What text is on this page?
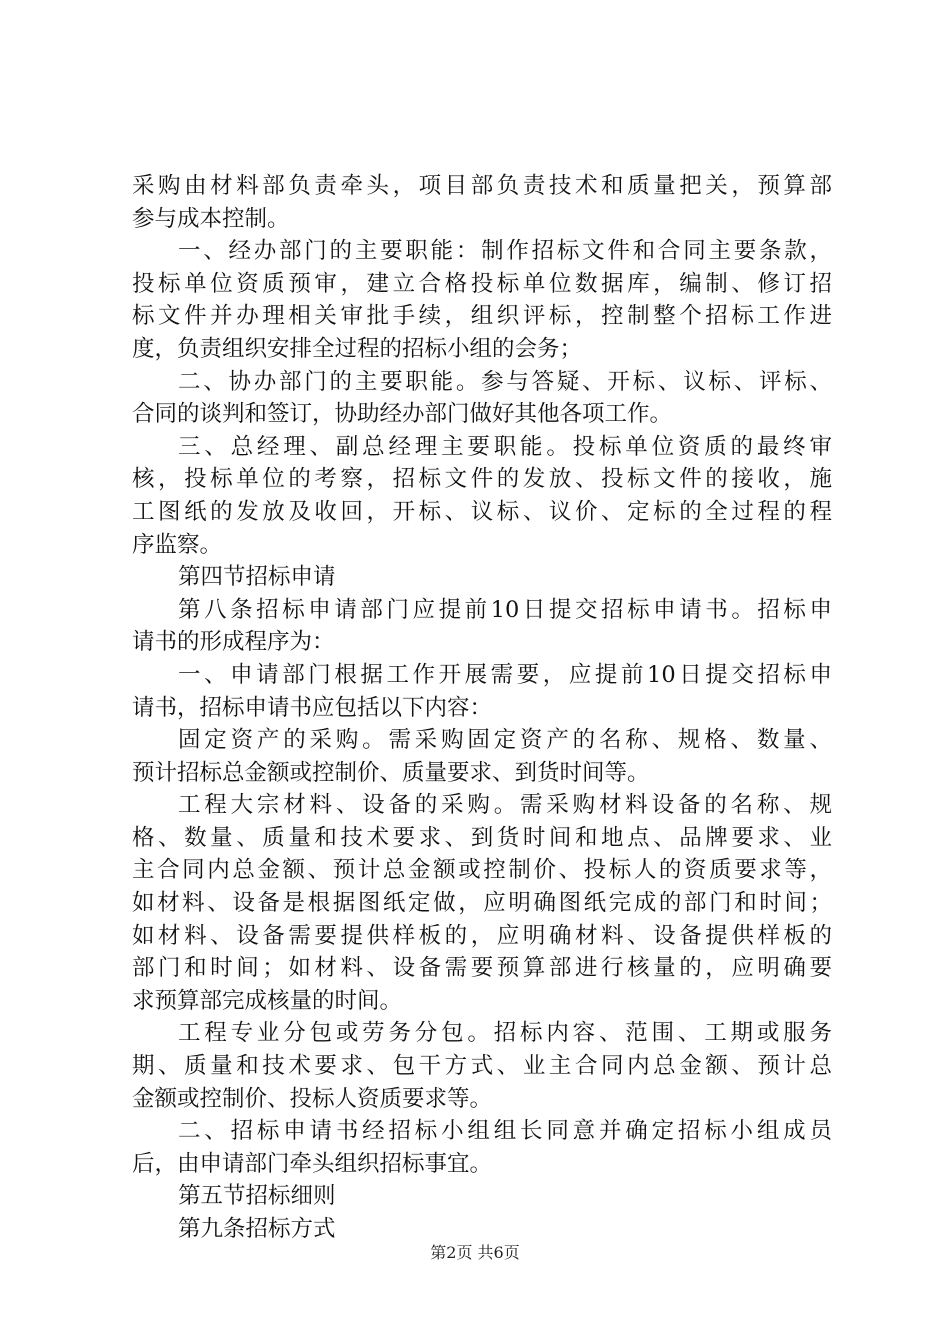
采购由材料部负责牵头，项目部负责技术和质量把关，预算部
参与成本控制。
一、经办部门的主要职能：制作招标文件和合同主要条款，
投标单位资质预审，建立合格投标单位数据库，编制、修订招
标文件并办理相关审批手续，组织评标，控制整个招标工作进
度，负责组织安排全过程的招标小组的会务；
二、协办部门的主要职能。参与答疑、开标、议标、评标、
合同的谈判和签订，协助经办部门做好其他各项工作。
三、总经理、副总经理主要职能。投标单位资质的最终审
核，投标单位的考察，招标文件的发放、投标文件的接收，施
工图纸的发放及收回，开标、议标、议价、定标的全过程的程
序监察。
第四节招标申请
第八条招标申请部门应提前10日提交招标申请书。招标申
请书的形成程序为：
一、申请部门根据工作开展需要，应提前10日提交招标申
请书，招标申请书应包括以下内容：
固定资产的采购。需采购固定资产的名称、规格、数量、
预计招标总金额或控制价、质量要求、到货时间等。
工程大宗材料、设备的采购。需采购材料设备的名称、规
格、数量、质量和技术要求、到货时间和地点、品牌要求、业
主合同内总金额、预计总金额或控制价、投标人的资质要求等，
如材料、设备是根据图纸定做，应明确图纸完成的部门和时间；
如材料、设备需要提供样板的，应明确材料、设备提供样板的
部门和时间；如材料、设备需要预算部进行核量的，应明确要
求预算部完成核量的时间。
工程专业分包或劳务分包。招标内容、范围、工期或服务
期、质量和技术要求、包干方式、业主合同内总金额、预计总
金额或控制价、投标人资质要求等。
二、招标申请书经招标小组组长同意并确定招标小组成员
后，由申请部门牵头组织招标事宜。
第五节招标细则
第九条招标方式
第2页 共6页
